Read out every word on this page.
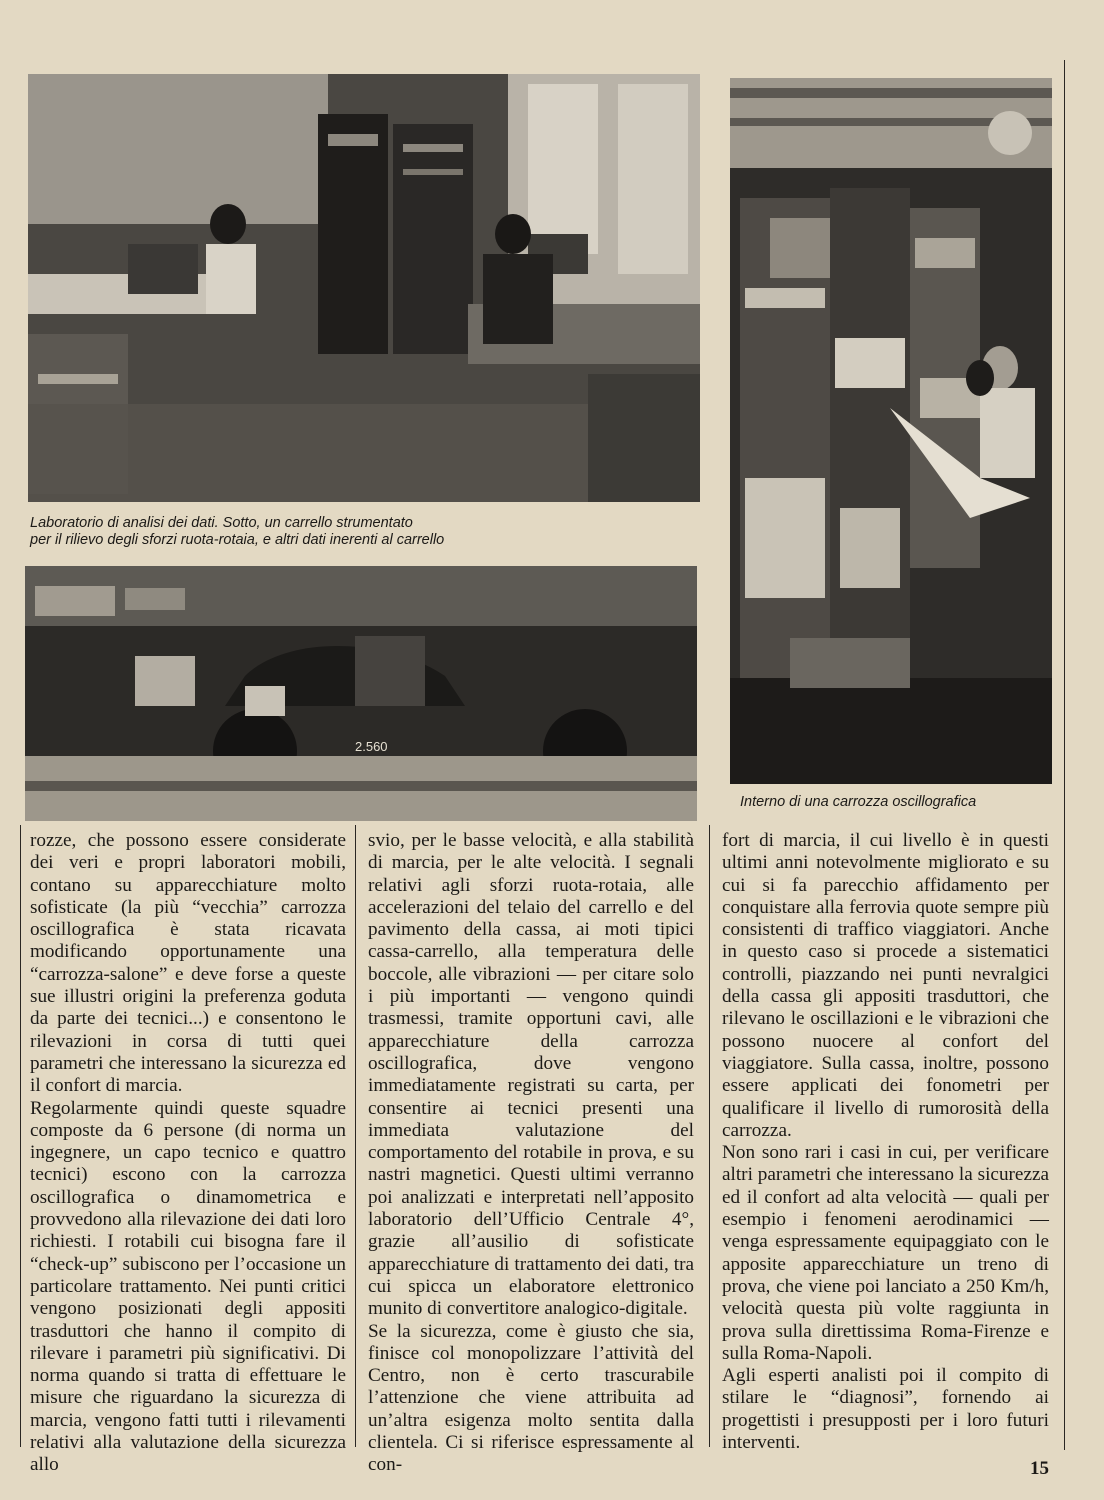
Laboratorio di analisi dei dati. Sotto, un carrello strumentato
per il rilievo degli sforzi ruota-rotaia, e altri dati inerenti al carrello
2.560
Interno di una carrozza oscillografica

rozze, che possono essere considerate dei veri e propri laboratori mobili, contano su apparecchiature molto sofisticate (la più “vecchia” carrozza oscillografica è stata ricavata modificando opportunamente una “carrozza-salone” e deve forse a queste sue illustri origini la preferenza goduta da parte dei tecnici...) e consentono le rilevazioni in corsa di tutti quei parametri che interessano la sicurezza ed il confort di marcia.

Regolarmente quindi queste squadre composte da 6 persone (di norma un ingegnere, un capo tecnico e quattro tecnici) escono con la carrozza oscillografica o dinamometrica e provvedono alla rilevazione dei dati loro richiesti. I rotabili cui bisogna fare il “check-up” subiscono per l’occasione un particolare trattamento. Nei punti critici vengono posizionati degli appositi trasduttori che hanno il compito di rilevare i parametri più significativi. Di norma quando si tratta di effettuare le misure che riguardano la sicurezza di marcia, vengono fatti tutti i rilevamenti relativi alla valutazione della sicurezza allo

svio, per le basse velocità, e alla stabilità di marcia, per le alte velocità. I segnali relativi agli sforzi ruota-rotaia, alle accelerazioni del telaio del carrello e del pavimento della cassa, ai moti tipici cassa-carrello, alla temperatura delle boccole, alle vibrazioni — per citare solo i più importanti — vengono quindi trasmessi, tramite opportuni cavi, alle apparecchiature della carrozza oscillografica, dove vengono immediatamente registrati su carta, per consentire ai tecnici presenti una immediata valutazione del comportamento del rotabile in prova, e su nastri magnetici. Questi ultimi verranno poi analizzati e interpretati nell’apposito laboratorio dell’Ufficio Centrale 4°, grazie all’ausilio di sofisticate apparecchiature di trattamento dei dati, tra cui spicca un elaboratore elettronico munito di convertitore analogico-digitale.

Se la sicurezza, come è giusto che sia, finisce col monopolizzare l’attività del Centro, non è certo trascurabile l’attenzione che viene attribuita ad un’altra esigenza molto sentita dalla clientela. Ci si riferisce espressamente al con-

fort di marcia, il cui livello è in questi ultimi anni notevolmente migliorato e su cui si fa parecchio affidamento per conquistare alla ferrovia quote sempre più consistenti di traffico viaggiatori. Anche in questo caso si procede a sistematici controlli, piazzando nei punti nevralgici della cassa gli appositi trasduttori, che rilevano le oscillazioni e le vibrazioni che possono nuocere al confort del viaggiatore. Sulla cassa, inoltre, possono essere applicati dei fonometri per qualificare il livello di rumorosità della carrozza.

Non sono rari i casi in cui, per verificare altri parametri che interessano la sicurezza ed il confort ad alta velocità — quali per esempio i fenomeni aerodinamici — venga espressamente equipaggiato con le apposite apparecchiature un treno di prova, che viene poi lanciato a 250 Km/h, velocità questa più volte raggiunta in prova sulla direttissima Roma-Firenze e sulla Roma-Napoli.

Agli esperti analisti poi il compito di stilare le “diagnosi”, fornendo ai progettisti i presupposti per i loro futuri interventi.

15
